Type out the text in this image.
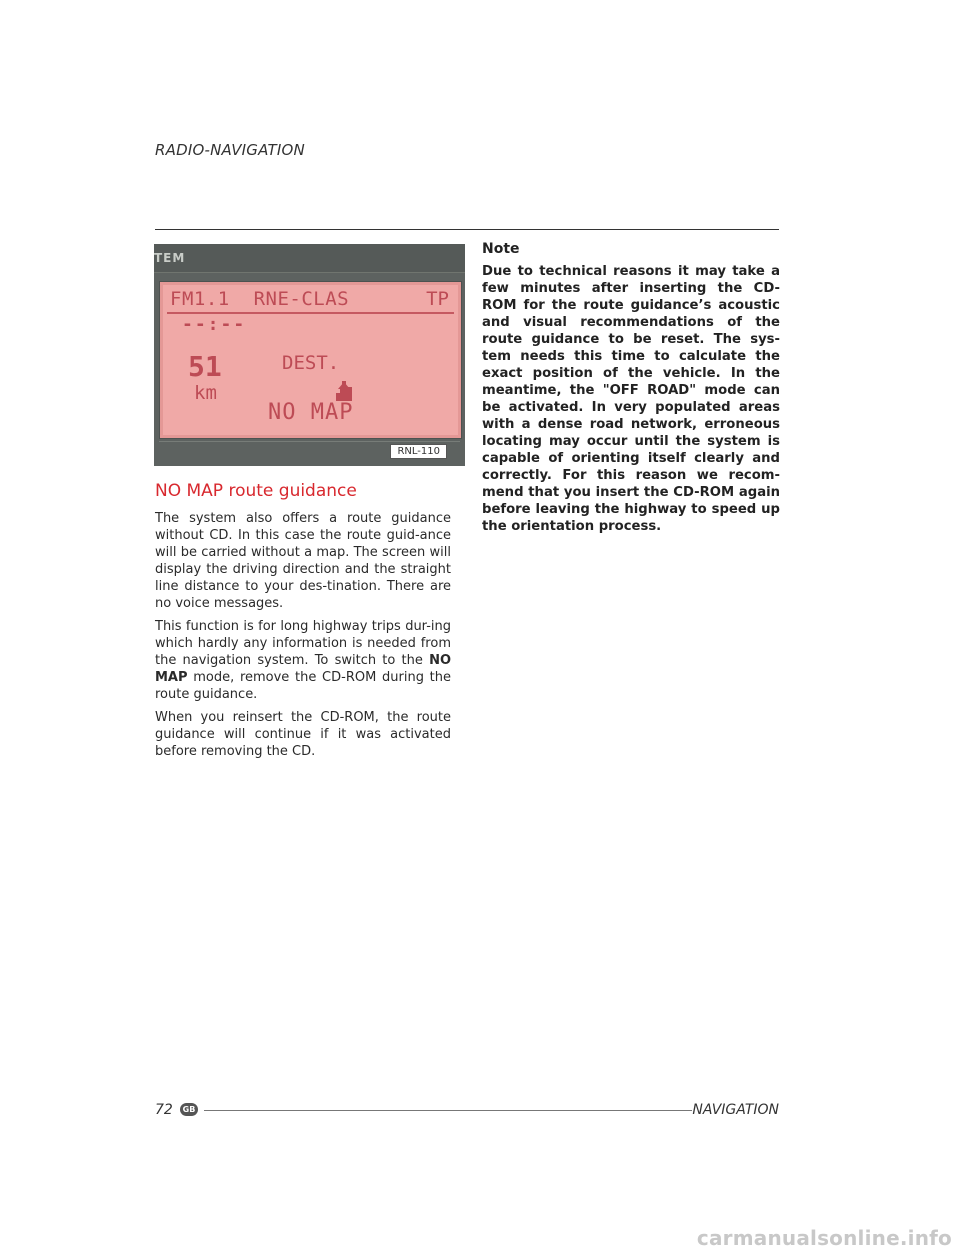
RADIO-NAVIGATION
TEM
FM1.1 RNE-CLAS	TP
--:--
51	DEST.
km
NO MAP
RNL-110
NO MAP route guidance

The system also offers a route guidance without CD. In this case the route guid-ance will be carried without a map. The screen will display the driving direction and the straight line distance to your des-tination. There are no voice messages.

This function is for long highway trips dur-ing which hardly any information is needed from the navigation system. To switch to the NO MAP mode, remove the CD-ROM during the route guidance.

When you reinsert the CD-ROM, the route guidance will continue if it was activated before removing the CD.

Note

Due to technical reasons it may take a few minutes after inserting the CD-ROM for the route guidance’s acoustic and visual recommendations of the route guidance to be reset. The sys-tem needs this time to calculate the exact position of the vehicle. In the meantime, the "OFF ROAD" mode can be activated. In very populated areas with a dense road network, erroneous locating may occur until the system is capable of orienting itself clearly and correctly. For this reason we recom-mend that you insert the CD-ROM again before leaving the highway to speed up the orientation process.

72	GB	NAVIGATION
carmanualsonline.info
